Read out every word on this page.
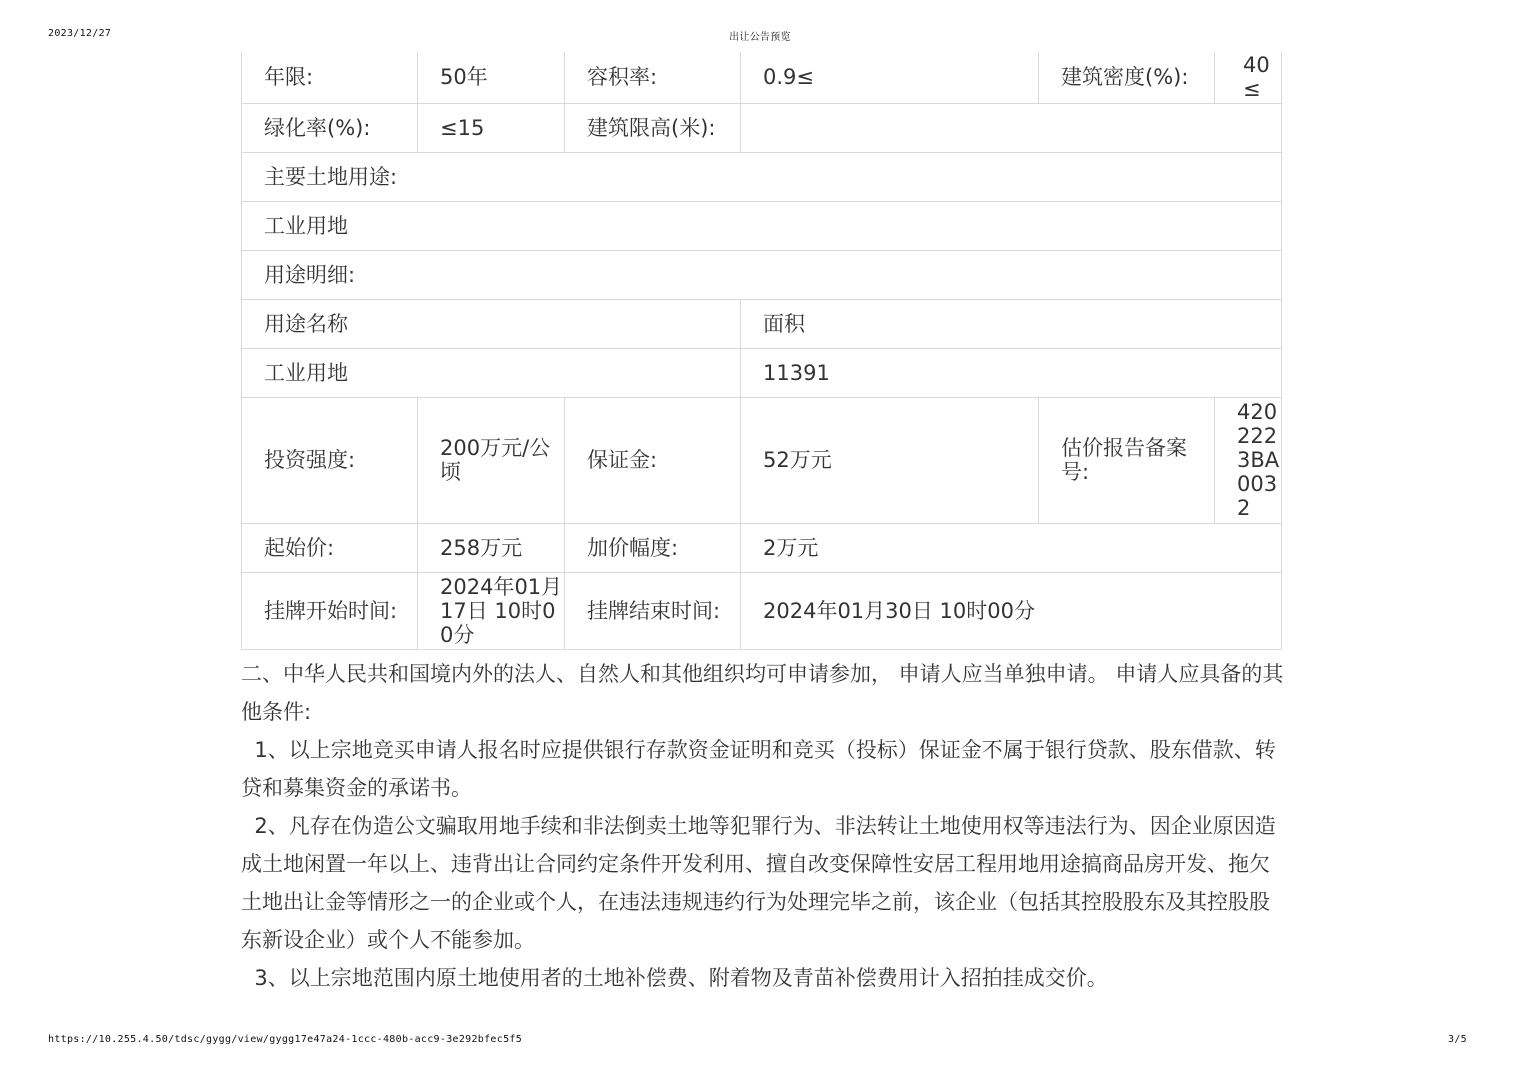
2023/12/27	出让公告预览
年限:	50年	容积率:	0.9≤	建筑密度(%):	40≤
绿化率(%):	≤15	建筑限高(米):			
主要土地用途:					
工业用地					
用途明细:					
用途名称			面积		
工业用地			11391		
投资强度:	200万元/公顷	保证金:	52万元	估价报告备案号:	4202223BA0032
起始价:	258万元	加价幅度:	2万元		
挂牌开始时间:	2024年01月17日 10时00分	挂牌结束时间:	2024年01月30日 10时00分		

二、中华人民共和国境内外的法人、自然人和其他组织均可申请参加， 申请人应当单独申请。 申请人应具备的其他条件:

1、以上宗地竞买申请人报名时应提供银行存款资金证明和竞买（投标）保证金不属于银行贷款、股东借款、转贷和募集资金的承诺书。

2、凡存在伪造公文骗取用地手续和非法倒卖土地等犯罪行为、非法转让土地使用权等违法行为、因企业原因造成土地闲置一年以上、违背出让合同约定条件开发利用、擅自改变保障性安居工程用地用途搞商品房开发、拖欠土地出让金等情形之一的企业或个人，在违法违规违约行为处理完毕之前，该企业（包括其控股股东及其控股股东新设企业）或个人不能参加。

3、以上宗地范围内原土地使用者的土地补偿费、附着物及青苗补偿费用计入招拍挂成交价。

https://10.255.4.50/tdsc/gygg/view/gygg17e47a24-1ccc-480b-acc9-3e292bfec5f5	3/5
